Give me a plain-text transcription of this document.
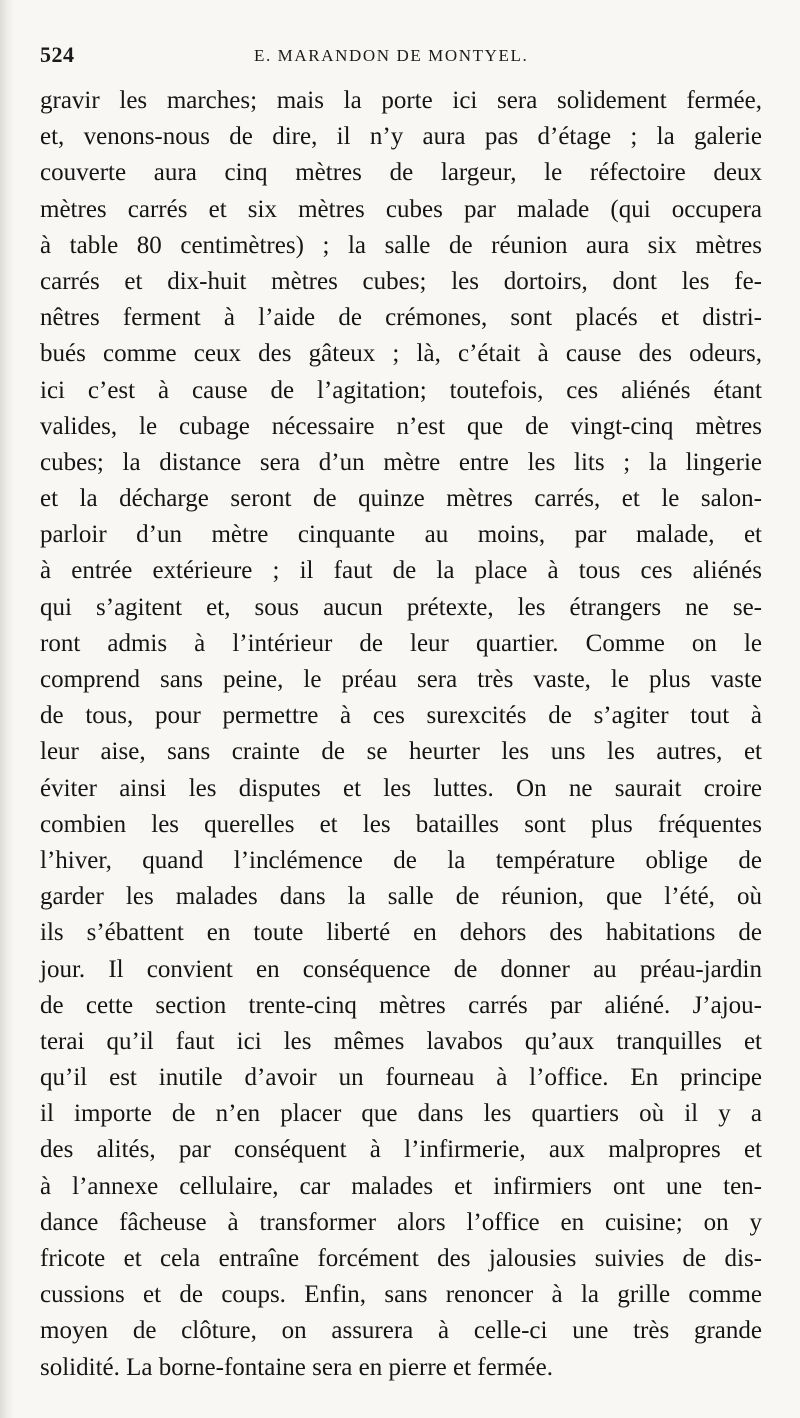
524	E. MARANDON DE MONTYEL.
gravir les marches; mais la porte ici sera solidement fermée,
et, venons-nous de dire, il n’y aura pas d’étage ; la galerie
couverte aura cinq mètres de largeur, le réfectoire deux
mètres carrés et six mètres cubes par malade (qui occupera
à table 80 centimètres) ; la salle de réunion aura six mètres
carrés et dix-huit mètres cubes; les dortoirs, dont les fe-
nêtres ferment à l’aide de crémones, sont placés et distri-
bués comme ceux des gâteux ; là, c’était à cause des odeurs,
ici c’est à cause de l’agitation; toutefois, ces aliénés étant
valides, le cubage nécessaire n’est que de vingt-cinq mètres
cubes; la distance sera d’un mètre entre les lits ; la lingerie
et la décharge seront de quinze mètres carrés, et le salon-
parloir d’un mètre cinquante au moins, par malade, et
à entrée extérieure ; il faut de la place à tous ces aliénés
qui s’agitent et, sous aucun prétexte, les étrangers ne se-
ront admis à l’intérieur de leur quartier. Comme on le
comprend sans peine, le préau sera très vaste, le plus vaste
de tous, pour permettre à ces surexcités de s’agiter tout à
leur aise, sans crainte de se heurter les uns les autres, et
éviter ainsi les disputes et les luttes. On ne saurait croire
combien les querelles et les batailles sont plus fréquentes
l’hiver, quand l’inclémence de la température oblige de
garder les malades dans la salle de réunion, que l’été, où
ils s’ébattent en toute liberté en dehors des habitations de
jour. Il convient en conséquence de donner au préau-jardin
de cette section trente-cinq mètres carrés par aliéné. J’ajou-
terai qu’il faut ici les mêmes lavabos qu’aux tranquilles et
qu’il est inutile d’avoir un fourneau à l’office. En principe
il importe de n’en placer que dans les quartiers où il y a
des alités, par conséquent à l’infirmerie, aux malpropres et
à l’annexe cellulaire, car malades et infirmiers ont une ten-
dance fâcheuse à transformer alors l’office en cuisine; on y
fricote et cela entraîne forcément des jalousies suivies de dis-
cussions et de coups. Enfin, sans renoncer à la grille comme
moyen de clôture, on assurera à celle-ci une très grande
solidité. La borne-fontaine sera en pierre et fermée.
